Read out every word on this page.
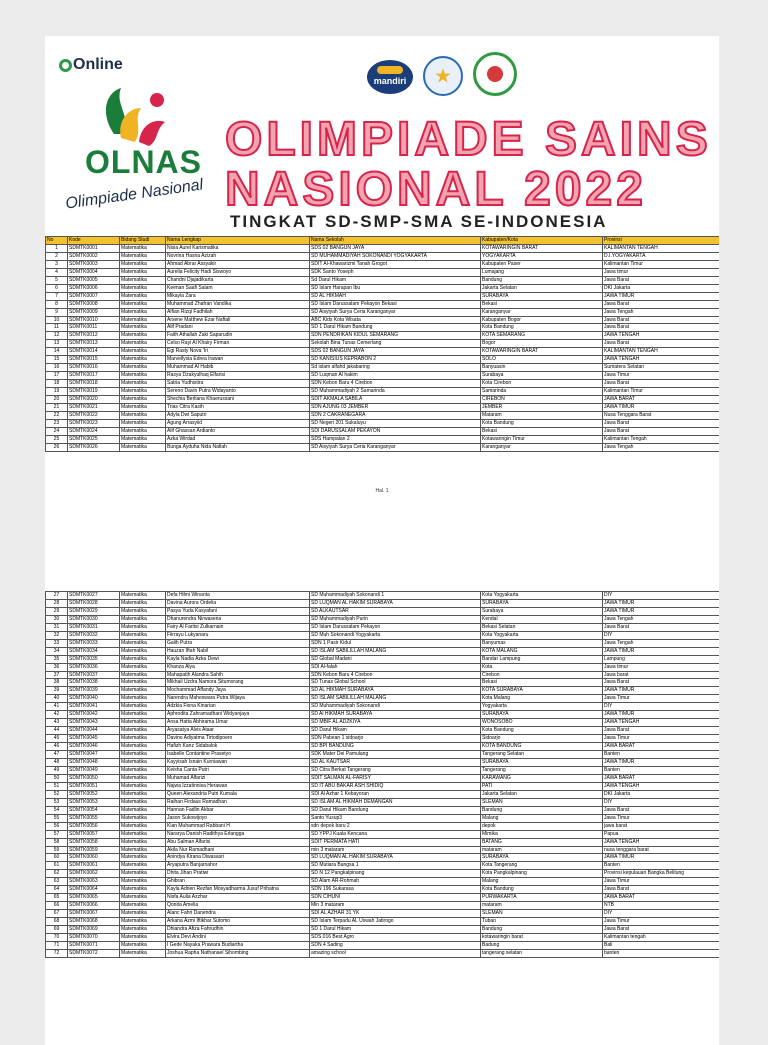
Online
mandiri
OLNAS
Olimpiade Nasional
OLIMPIADE SAINS
NASIONAL 2022
TINGKAT SD-SMP-SMA SE-INDONESIA
No	Kode	Bidang Studi	Nama Lengkap	Nama Sekolah	Kabupaten/Kota	Provinsi
1	SDMTK0001	Matematika	Nisia Aurel Karismatika	SDS 02 BANGUN JAYA	KOTAWARINGIN BARAT	KALIMANTAN TENGAH
2	SDMTK0002	Matematika	Novrina Hasna Azizah	SD MUHAMMADIYAH SOKONANDI YOGYAKARTA	YOGYAKARTA	D.I.YOGYAKARTA
3	SDMTK0003	Matematika	Ahmad Abrar Assyakir	SDIT Al-Khawarizmi Tanah Grogot	Kabupaten Paser	Kalimantan Timur
4	SDMTK0004	Matematika	Aurelia Felicity Hadi Siswoyo	SDK Santo Yoseph	Lumajang	Jawa timur
5	SDMTK0005	Matematika	Chandni Djajadikarta	Sd Darul Hikam	Bandung	Jawa Barat
6	SDMTK0006	Matematika	Keenan Saafi Salam	SD Islam Harapan Ibu	Jakarta Selatan	DKI Jakarta
7	SDMTK0007	Matematika	Mikayla Zara	SD AL HIKMAH	SURABAYA	JAWA TIMUR
8	SDMTK0008	Matematika	Muhammad Zhafran Vandika	SD Islam Darussalam Pekayon Bekasi	Bekasi	Jawa Barat
9	SDMTK0009	Matematika	Alfian Rizqi Fadhilah	SD Aisyiyah Surya Ceria Karanganyar	Karanganyar	Jawa Tengah
10	SDMTK0010	Matematika	Arsene Matthew Ezar Naftali	ABC Kids Kota Wisata	Kabupaten Bogor	Jawa Barat
11	SDMTK0011	Matematika	Alif Pradani	SD 1 Darul Hikam Bandung	Kota Bandung	Jawa Barat
12	SDMTK0012	Matematika	Faith Athallah Zaki Saparudin	SDN PENDRIKAN KIDUL SEMARANG	KOTA SEMARANG	JAWA TENGAH
13	SDMTK0013	Matematika	Celso Rayi Al Khairy Firman	Sekolah Bina Tunas Cemerlang	Bogor	Jawa Barat
14	SDMTK0014	Matematika	Egi Rasty Nova 'Iri	SDS 02 BANGUN JAYA	KOTAWARINGIN BARAT	KALIMANTAN TENGAH
15	SDMTK0015	Matematika	Marvellysia Edrea Irawan	SD KANISIUS KEPRABON 2	SOLO	JAWA TENGAH
16	SDMTK0016	Matematika	Muhammad Al Habib	Sd islam alfahd jakabaring	Banyuasin	Sumatera Selatan
17	SDMTK0017	Matematika	Rasya Dzakyulhaq Elfarisi	SD Luqman Al hakim	Surabaya	Jawa Timur
18	SDMTK0018	Matematika	Satria Yudhistira	SDN Kebon Baru 4 Cirebon	Kota Cirebon	Jawa Barat
19	SDMTK0019	Matematika	Sereno Davin Putra Widayanto	SD Muhammadiyah 2 Samarinda	Samarinda	Kalimantan Timur
20	SDMTK0020	Matematika	Shechia Berliana Khaerussani	SDIT AKMALA SABILA	CIREBON	JAWA BARAT
21	SDMTK0021	Matematika	Trias Citra Kasih	SDN AJUNG 03 JEMBER	JEMBER	JAWA TIMUR
22	SDMTK0022	Matematika	Adyla Dwi Saputri	SDN 2 CAKRANEGARA	Mataram	Nusa Tenggara Barat
23	SDMTK0023	Matematika	Agung Arrasyiid	SD Negeri 201 Sukaluyu	Kota Bandung	Jawa Barat
24	SDMTK0024	Matematika	Alif Ghassan Ardianto	SDI DARUSSALAM PEKAYON	Bekasi	Jawa Barat
25	SDMTK0025	Matematika	Azka Wirdad	SDS Hampalan 2	Kotawaringin Timur	Kalimantan Tengah
26	SDMTK0026	Matematika	Bunga Ayduha Nida Nafiah	SD Aisyiyah Surya Ceria Karanganyar	Karanganyar	Jawa Tengah
Hal. 1
27	SDMTK0027	Matematika	Defa Hilmi Winanta	SD Muhammadiyah Sokonandi 1	Kota Yogyakarta	DIY
28	SDMTK0028	Matematika	Davina Aurora Ordelia	SD LUQMAN AL HAKIM SURABAYA	SURABAYA	JAWA TIMUR
29	SDMTK0029	Matematika	Pasya Yuda Kasyafani	SD ALKAUTSAR	Surabaya	JAWA TIMUR
30	SDMTK0030	Matematika	Dhanurendra Nirwasena	SD Muhammadiyah Purin	Kendal	Jawa Tengah
31	SDMTK0031	Matematika	Fairy Al Faritsi Zulkarnain	SD Islam Darussalam Pekayon	Bekasi Selatan	Jawa Barat
32	SDMTK0032	Matematika	Fiirrayu Lukyanaru	SD Muh Sokonandi Yogyakarta	Kota Yogyakarta	DIY
33	SDMTK0033	Matematika	Galih Putra	SDN 1 Pasir Kidul	Banyumas	Jawa Tengah
34	SDMTK0034	Matematika	Hauzan Iftah Nabil	SD ISLAM SABILILLAH MALANG	KOTA MALANG	JAWA TIMUR
35	SDMTK0035	Matematika	Kayla Nadia Azka Dewi	SD Global Madani	Bandar Lampung	Lampung
36	SDMTK0036	Matematika	Khanza Alya	SDI Al-falah	Kota	Jawa timur
37	SDMTK0037	Matematika	Mahapatih Alandra Sahih	SDN Kebon Baru 4 Cirebon	Cirebon	Jawa barat
38	SDMTK0038	Matematika	Mikhail Uzdra Namora Situmorang	SD Tunas Global School	Bekasi	Jawa Barat
39	SDMTK0039	Matematika	Mochammad Affandy Jaya	SD AL HIKMAH SURABAYA	KOTA SURABAYA	JAWA TIMUR
40	SDMTK0040	Matematika	Narendra Maheswara Putra Wijaya	SD ISLAM SABILILLAH MALANG	Kota Malang	Jawa Timur
41	SDMTK0041	Matematika	Adzkia Fiona Kinarian	SD Muhammadiyah Sokonandi	Yogyakarta	DIY
42	SDMTK0042	Matematika	Aphrodita Zahramadhani Widyanjaya	SD Al HIKMAH SURABAYA	SURABAYA	JAWA TIMUR
43	SDMTK0043	Matematika	Ansa Hatta Abhirama Umar	SD MBIF AL ADZKIYA	WONOSOBO	JAWA TENGAH
44	SDMTK0044	Matematika	Aryasatya Alvis Ataar	SD Darul Hikam	Kota Bandung	Jawa Barat
45	SDMTK0045	Matematika	Davino Adiyatma Tirtodipoero	SDN Pabean 1 sidoarjo	Sidoarjo	Jawa Timur
46	SDMTK0046	Matematika	Hafizh Kanz Sidabalok	SD BPI BANDUNG	KOTA BANDUNG	JAWA BARAT
47	SDMTK0047	Matematika	Isabelle Contantine Prasetyo	SDK Mater Dei Pamulang	Tangerang Selatan	Banten
48	SDMTK0048	Matematika	Kayyisah Isnain Kurniawan	SD AL KAUTSAR	SURABAYA	JAWA TIMUR
49	SDMTK0049	Matematika	Keisha Canta Putri	SD Citra Berkat Tangerang	Tangerang	Banten
50	SDMTK0050	Matematika	Muhamad Alfarizi	SDIT SALMAN AL-FARISY	KARAWANG	JAWA BARAT
51	SDMTK0051	Matematika	Najwa Izzatinnisa Herawan	SD IT ABU BAKAR ASH SHIDIQ	PATI	JAWA TENGAH
52	SDMTK0052	Matematika	Queen Alexandria Putri Kumala	SDI Al Azhar 1 Kebayoran	Jakarta Selatan	DKI Jakarta
53	SDMTK0053	Matematika	Raihan Firdaus Ramadhan	SD ISLAM AL HIKMAH DEMANGAN	SLEMAN	DIY
54	SDMTK0054	Matematika	Hannan Fadlin Akbar	SD Darul Hikam Bandung	Bandung	Jawa Barat
55	SDMTK0055	Matematika	Jason Sukowijoyo	Santo Yusup3	Malang	Jawa Timur
56	SDMTK0056	Matematika	Kian Muhammad Rabbani H	sdn depok baru 2	depok	jawa barat
57	SDMTK0057	Matematika	Nararya Danish Radithya Erlangga	SD YPPJ Kuala Kencana	Mimika	Papua
58	SDMTK0058	Matematika	Abu Salman Alfarisi	SDIT PERMATA HATI	BATANG	JAWA TENGAH
59	SDMTK0059	Matematika	Akila Nur Ramadhani	min 3 mataram	mataram	nusa tenggara barat
60	SDMTK0060	Matematika	Anindya Kirana Diwasasri	SD LUQMAN AL HAKIM SURABAYA	SURABAYA	JAWA TIMUR
61	SDMTK0061	Matematika	Aryaputra Banjarnahor	SD Mutiara Bangsa 1	Kota Tangerang	Banten
62	SDMTK0062	Matematika	Dhita Jihan Pratiwi	SD N 12 Pangkalpinang	Kota Pangkalpinang	Provinsi kepulauan Bangka Belitung
63	SDMTK0063	Matematika	Ghibran	SD Alam AR-Rohmah	Malang	Jawa Timur
64	SDMTK0064	Matematika	Kayla Adrien Rezfan Mosyadharma Jusuf Prihatna	SDN 196 Sukarasa	Kota Bandung	Jawa Barat
65	SDMTK0065	Matematika	Nisfa Aulia Azzhar	SDN CIHUNI	PURWAKARTA	JAWA BARAT
66	SDMTK0066	Matematika	Qonita Amelia	Min 3 mataram	mataram	NTB
67	SDMTK0067	Matematika	Alanc Fahri Danendra	SDI AL AZHAR 31 YK	SLEMAN	DIY
68	SDMTK0068	Matematika	Arkana Azmi Iftikhar Sutomo	SD Islam Terpadu AL Uswah Jatirogo	Tuban	Jawa Timur
69	SDMTK0069	Matematika	Dhiandra Afiza Fahrudhin	SD 1 Darul Hikam	Bandung	Jawa Barat
70	SDMTK0070	Matematika	Elvira Devi Andini	SDS 016 Best Agro	kotawaringin barat	Kalimantan tengah
71	SDMTK0071	Matematika	I Gede Nayaka Prawara Budiartha	SDN 4 Sading	Badung	Bali
72	SDMTK0072	Matematika	Joshua Rapha Nathanael Sihombing	amazing school	tangerang selatan	banten
